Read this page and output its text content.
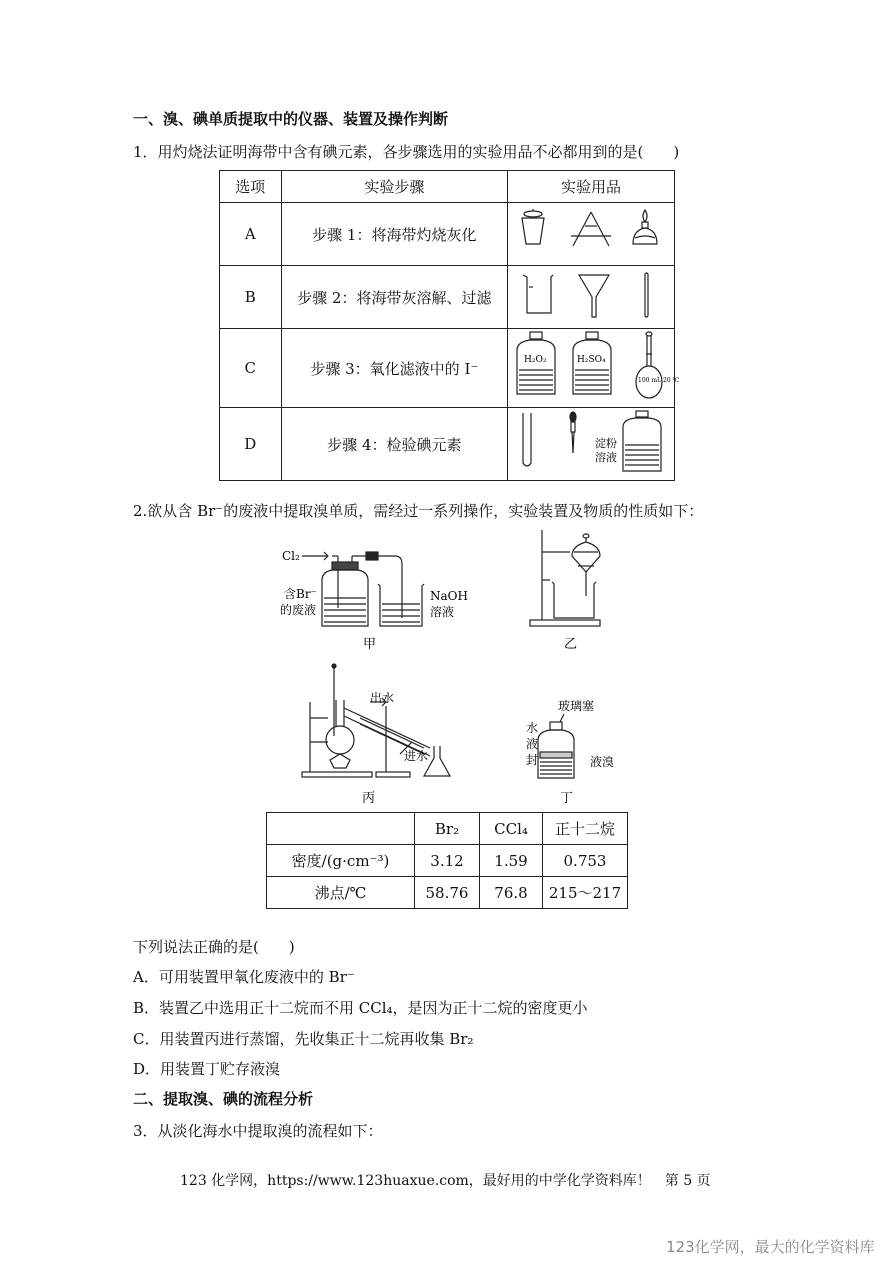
一、溴、碘单质提取中的仪器、装置及操作判断
1．用灼烧法证明海带中含有碘元素，各步骤选用的实验用品不必都用到的是(　　)
选项	实验步骤	实验用品
A	步骤 1：将海带灼烧灰化	
B	步骤 2：将海带灰溶解、过滤	
C	步骤 3：氧化滤液中的 I⁻	H₂O₂ H₂SO₄
100 mL 20 ℃

D	步骤 4：检验碘元素	淀粉
溶液
2.欲从含 Br⁻的废液中提取溴单质，需经过一系列操作，实验装置及物质的性质如下：
Cl₂
含Br⁻
的废液
NaOH
溶液
甲	乙
出水
进水
丙
玻璃塞
水
液
封	液溴
丁
	Br₂	CCl₄	正十二烷
密度/(g·cm⁻³)	3.12	1.59	0.753
沸点/℃	58.76	76.8	215～217
下列说法正确的是(　　)
A．可用装置甲氧化废液中的 Br⁻
B．装置乙中选用正十二烷而不用 CCl₄，是因为正十二烷的密度更小
C．用装置丙进行蒸馏，先收集正十二烷再收集 Br₂
D．用装置丁贮存液溴
二、提取溴、碘的流程分析
3．从淡化海水中提取溴的流程如下：
123 化学网，https://www.123huaxue.com，最好用的中学化学资料库！　第 5 页
123化学网，最大的化学资料库
